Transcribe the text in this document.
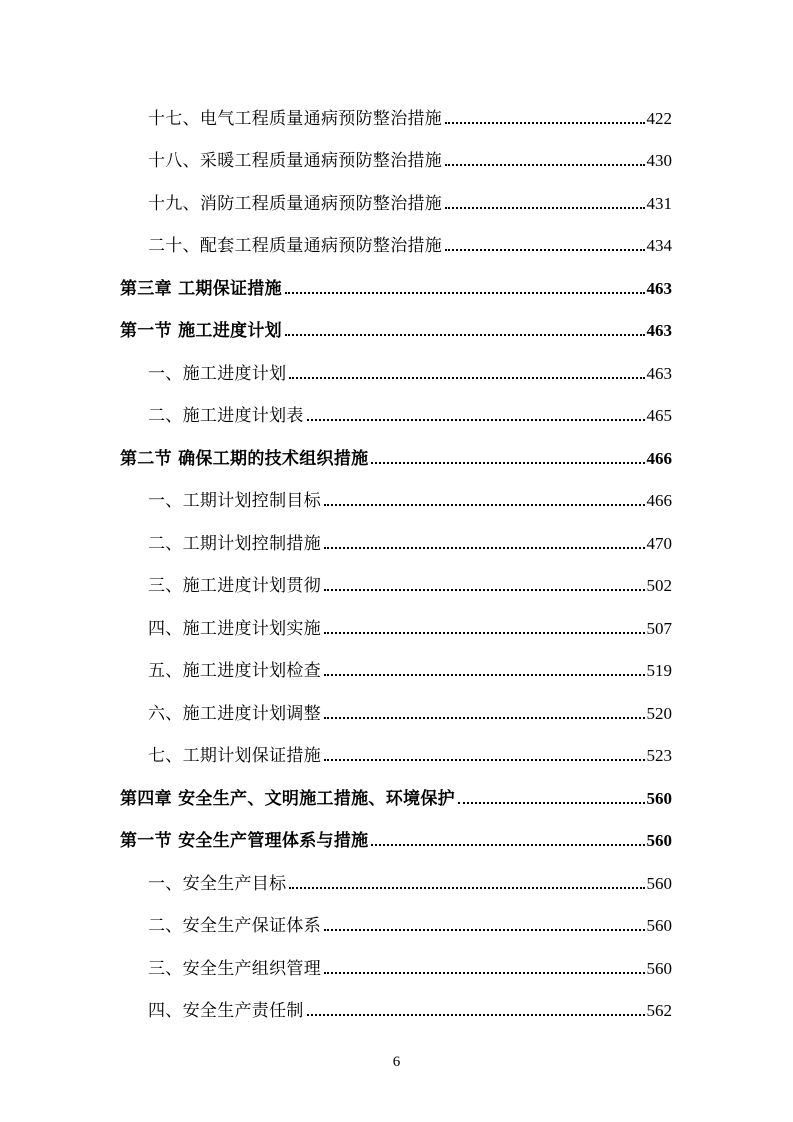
十七、电气工程质量通病预防整治措施	422
十八、采暖工程质量通病预防整治措施	430
十九、消防工程质量通病预防整治措施	431
二十、配套工程质量通病预防整治措施	434
第三章 工期保证措施	463
第一节 施工进度计划	463
一、施工进度计划	463
二、施工进度计划表	465
第二节 确保工期的技术组织措施	466
一、工期计划控制目标	466
二、工期计划控制措施	470
三、施工进度计划贯彻	502
四、施工进度计划实施	507
五、施工进度计划检查	519
六、施工进度计划调整	520
七、工期计划保证措施	523
第四章 安全生产、文明施工措施、环境保护	560
第一节 安全生产管理体系与措施	560
一、安全生产目标	560
二、安全生产保证体系	560
三、安全生产组织管理	560
四、安全生产责任制	562
6
